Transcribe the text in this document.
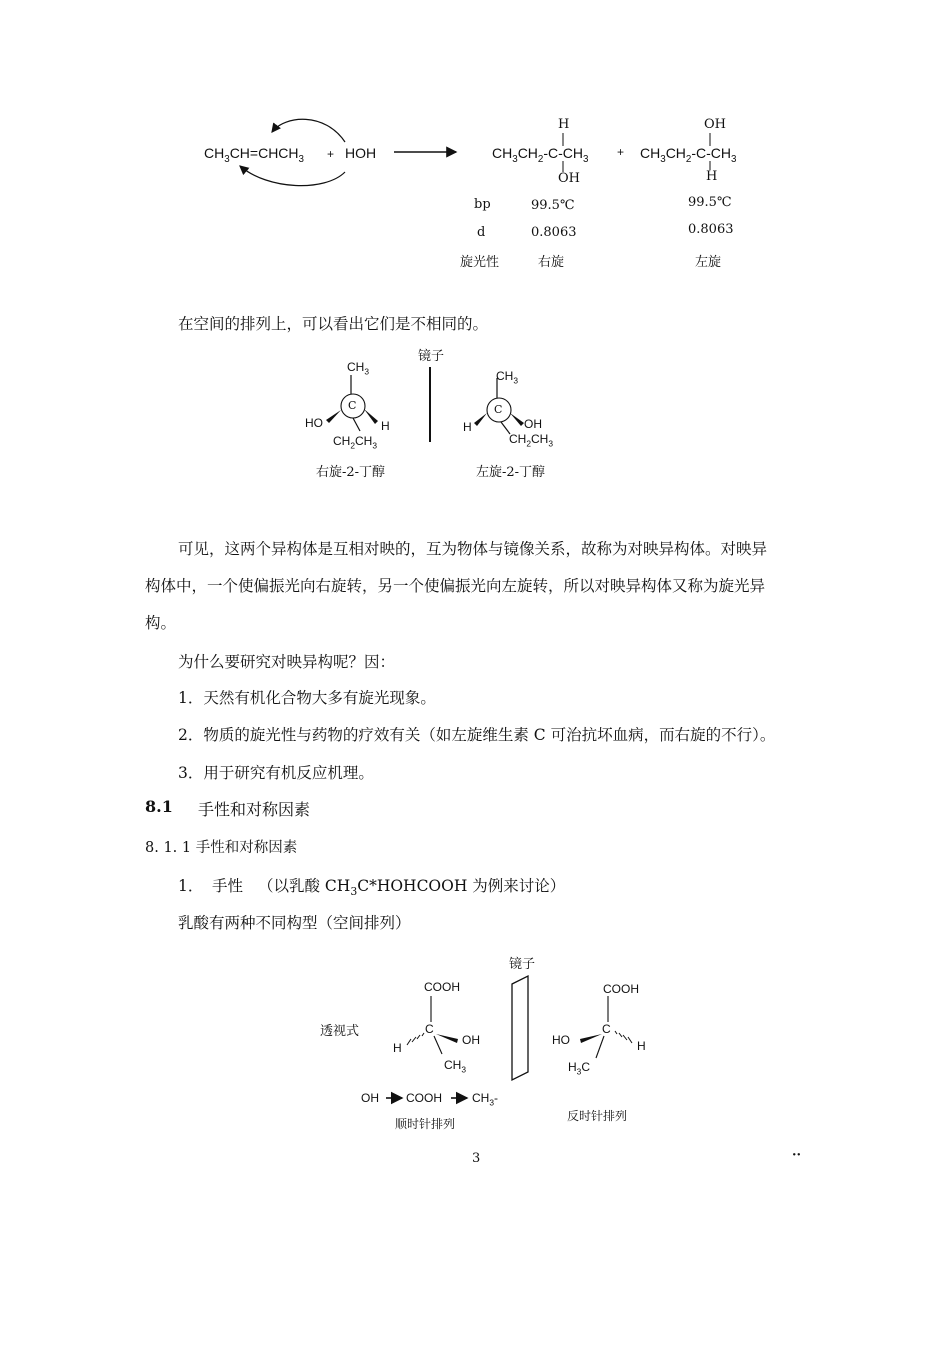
$CH_3CH=CHCH_3$ + HOH
H
$CH_3CH_2-C-CH_3$
OH
+
OH
$CH_3CH_2-C-CH_3$
H
bp	99.5℃	99.5℃
d	0.8063	0.8063
旋光性	右旋	左旋
在空间的排列上，可以看出它们是不相同的。
镜子
C
$CH_3$
HO	H
$CH_2CH_3$
右旋-2-丁醇
C
$CH_3$
H	OH
$CH_2CH_3$
左旋-2-丁醇
可见，这两个异构体是互相对映的，互为物体与镜像关系，故称为对映异构体。对映异
构体中，一个使偏振光向右旋转，另一个使偏振光向左旋转，所以对映异构体又称为旋光异
构。
为什么要研究对映异构呢？因：
1．天然有机化合物大多有旋光现象。
2．物质的旋光性与药物的疗效有关（如左旋维生素 C 可治抗坏血病，而右旋的不行）。
3．用于研究有机反应机理。
8.1 手性和对称因素
8. 1. 1 手性和对称因素
1． 手性 （以乳酸 $CH_3C*HOHCOOH$ 为例来讨论）
乳酸有两种不同构型（空间排列）
镜子
透视式
COOH
C
H
OH
$CH_3$
COOH
C
HO	H
$H_3C$
OH COOH	$CH_3-$
顺时针排列
反时针排列
3	··
